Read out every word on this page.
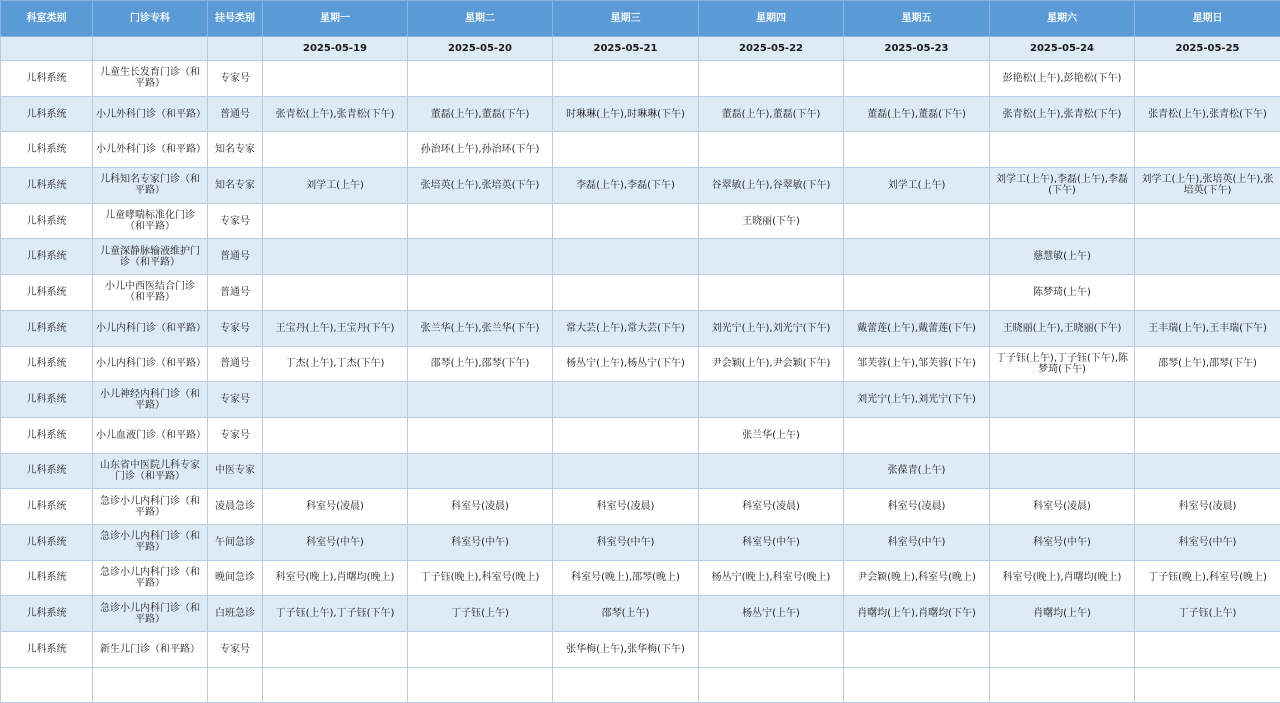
科室类别	门诊专科	挂号类别	星期一	星期二	星期三	星期四	星期五	星期六	星期日
			2025-05-19	2025-05-20	2025-05-21	2025-05-22	2025-05-23	2025-05-24	2025-05-25
儿科系统	儿童生长发育门诊（和平路）	专家号						彭艳松(上午),彭艳松(下午)	
儿科系统	小儿外科门诊（和平路）	普通号	张青松(上午),张青松(下午)	董磊(上午),董磊(下午)	时琳琳(上午),时琳琳(下午)	董磊(上午),董磊(下午)	董磊(上午),董磊(下午)	张青松(上午),张青松(下午)	张青松(上午),张青松(下午)
儿科系统	小儿外科门诊（和平路）	知名专家		孙治环(上午),孙治环(下午)					
儿科系统	儿科知名专家门诊（和平路）	知名专家	刘学工(上午)	张培英(上午),张培英(下午)	李磊(上午),李磊(下午)	谷翠敏(上午),谷翠敏(下午)	刘学工(上午)	刘学工(上午),李磊(上午),李磊(下午)	刘学工(上午),张培英(上午),张培英(下午)
儿科系统	儿童哮喘标准化门诊（和平路）	专家号				王晓丽(下午)			
儿科系统	儿童深静脉输液维护门诊（和平路）	普通号						慈慧敏(上午)	
儿科系统	小儿中西医结合门诊（和平路）	普通号						陈梦琦(上午)	
儿科系统	小儿内科门诊（和平路）	专家号	王宝丹(上午),王宝丹(下午)	张兰华(上午),张兰华(下午)	常大芸(上午),常大芸(下午)	刘光宁(上午),刘光宁(下午)	戴蕾莲(上午),戴蕾莲(下午)	王晓丽(上午),王晓丽(下午)	王丰瑞(上午),王丰瑞(下午)
儿科系统	小儿内科门诊（和平路）	普通号	丁杰(上午),丁杰(下午)	邵琴(上午),邵琴(下午)	杨丛宁(上午),杨丛宁(下午)	尹会颖(上午),尹会颖(下午)	邹芙蓉(上午),邹芙蓉(下午)	丁子钰(上午),丁子钰(下午),陈梦琦(下午)	邵琴(上午),邵琴(下午)
儿科系统	小儿神经内科门诊（和平路）	专家号					刘光宁(上午),刘光宁(下午)		
儿科系统	小儿血液门诊（和平路）	专家号				张兰华(上午)			
儿科系统	山东省中医院儿科专家门诊（和平路）	中医专家					张葆青(上午)		
儿科系统	急诊小儿内科门诊（和平路）	凌晨急诊	科室号(凌晨)	科室号(凌晨)	科室号(凌晨)	科室号(凌晨)	科室号(凌晨)	科室号(凌晨)	科室号(凌晨)
儿科系统	急诊小儿内科门诊（和平路）	午间急诊	科室号(中午)	科室号(中午)	科室号(中午)	科室号(中午)	科室号(中午)	科室号(中午)	科室号(中午)
儿科系统	急诊小儿内科门诊（和平路）	晚间急诊	科室号(晚上),肖曙均(晚上)	丁子钰(晚上),科室号(晚上)	科室号(晚上),邵琴(晚上)	杨丛宁(晚上),科室号(晚上)	尹会颖(晚上),科室号(晚上)	科室号(晚上),肖曙均(晚上)	丁子钰(晚上),科室号(晚上)
儿科系统	急诊小儿内科门诊（和平路）	白班急诊	丁子钰(上午),丁子钰(下午)	丁子钰(上午)	邵琴(上午)	杨丛宁(上午)	肖曙均(上午),肖曙均(下午)	肖曙均(上午)	丁子钰(上午)
儿科系统	新生儿门诊（和平路）	专家号			张华梅(上午),张华梅(下午)				
